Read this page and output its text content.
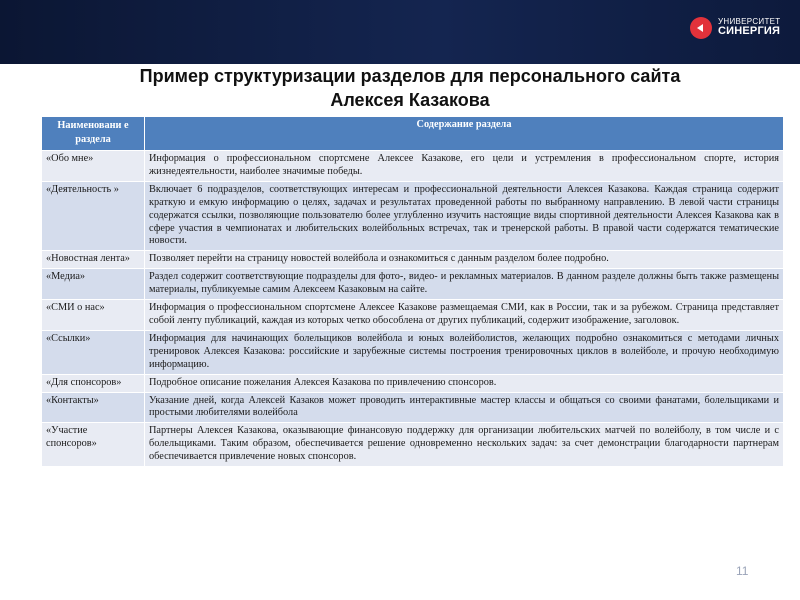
УНИВЕРСИТЕТ
СИНЕРГИЯ
Пример структуризации разделов для персонального сайта
Алексея Казакова
Наименовани е раздела	Содержание раздела
«Обо мне»	Информация о профессиональном спортсмене Алексее Казакове, его цели и устремления в профессиональном спорте, история жизнедеятельности, наиболее значимые победы.
«Деятельность »	Включает 6 подразделов, соответствующих интересам и профессиональной деятельности Алексея Казакова. Каждая страница содержит краткую и емкую информацию о целях, задачах и результатах проведенной работы по выбранному направлению. В левой части страницы содержатся ссылки, позволяющие пользователю более углубленно изучить настоящие виды спортивной деятельности Алексея Казакова как в сфере участия в чемпионатах и любительских волейбольных встречах, так и тренерской работы. В правой части содержатся тематические новости.
«Новостная лента»	Позволяет перейти на страницу новостей волейбола и ознакомиться с данным разделом более подробно.
«Медиа»	Раздел содержит соответствующие подразделы для фото-, видео- и рекламных материалов. В данном разделе должны быть также размещены материалы, публикуемые самим Алексеем Казаковым на сайте.
«СМИ о нас»	Информация о профессиональном спортсмене Алексее Казакове размещаемая СМИ, как в России, так и за рубежом. Страница представляет собой ленту публикаций, каждая из которых четко обособлена от других публикаций, содержит изображение, заголовок.
«Ссылки»	Информация для начинающих болельщиков волейбола и юных волейболистов, желающих подробно ознакомиться с методами личных тренировок Алексея Казакова: российские и зарубежные системы построения тренировочных циклов в волейболе, и прочую необходимую информацию.
«Для спонсоров»	Подробное описание пожелания Алексея Казакова по привлечению спонсоров.
«Контакты»	Указание дней, когда Алексей Казаков может проводить интерактивные мастер классы и общаться со своими фанатами, болельщиками и простыми любителями волейбола
«Участие спонсоров»	Партнеры Алексея Казакова, оказывающие финансовую поддержку для организации любительских матчей по волейболу, в том числе и с болельщиками. Таким образом, обеспечивается решение одновременно нескольких задач: за счет демонстрации благодарности партнерам обеспечивается привлечение новых спонсоров.
11
